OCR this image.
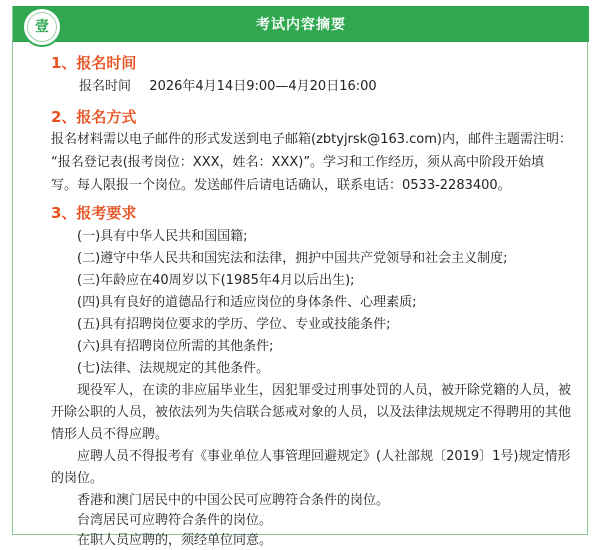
考试内容摘要
1、报名时间
报名时间 2026年4月14日9:00—4月20日16:00
2、报名方式
报名材料需以电子邮件的形式发送到电子邮箱(zbtyjrsk@163.com)内，邮件主题需注明：
“报名登记表(报考岗位：XXX，姓名：XXX)”。学习和工作经历，须从高中阶段开始填
写。每人限报一个岗位。发送邮件后请电话确认，联系电话：0533-2283400。
3、报考要求
(一)具有中华人民共和国国籍;
(二)遵守中华人民共和国宪法和法律，拥护中国共产党领导和社会主义制度;
(三)年龄应在40周岁以下(1985年4月以后出生);
(四)具有良好的道德品行和适应岗位的身体条件、心理素质;
(五)具有招聘岗位要求的学历、学位、专业或技能条件;
(六)具有招聘岗位所需的其他条件;
(七)法律、法规规定的其他条件。
现役军人，在读的非应届毕业生，因犯罪受过刑事处罚的人员，被开除党籍的人员，被
开除公职的人员，被依法列为失信联合惩戒对象的人员，以及法律法规规定不得聘用的其他
情形人员不得应聘。
应聘人员不得报考有《事业单位人事管理回避规定》(人社部规〔2019〕1号)规定情形
的岗位。
香港和澳门居民中的中国公民可应聘符合条件的岗位。
台湾居民可应聘符合条件的岗位。
在职人员应聘的，须经单位同意。
壹
